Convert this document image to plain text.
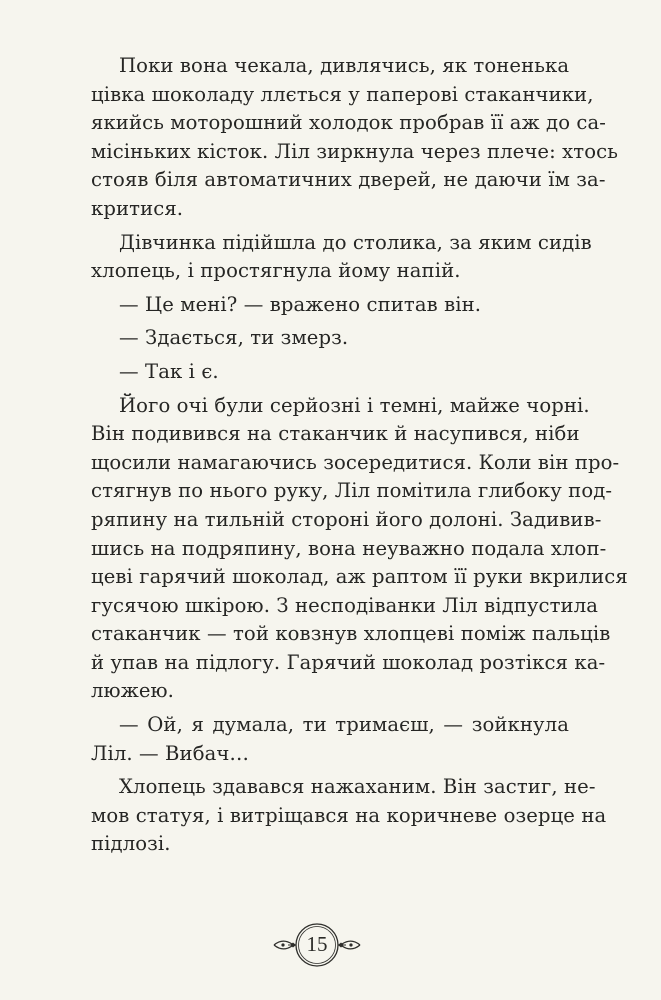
Поки вона чекала, дивлячись, як тоненька
цівка шоколаду ллється у паперові стаканчики,
якийсь моторошний холодок пробрав її аж до са-
місіньких кісток. Ліл зиркнула через плече: хтось
стояв біля автоматичних дверей, не даючи їм за-
критися.
Дівчинка підійшла до столика, за яким сидів
хлопець, і простягнула йому напій.
— Це мені? — вражено спитав він.
— Здається, ти змерз.
— Так і є.
Його очі були серйозні і темні, майже чорні.
Він подивився на стаканчик й насупився, ніби
щосили намагаючись зосередитися. Коли він про-
стягнув по нього руку, Ліл помітила глибоку под-
ряпину на тильній стороні його долоні. Задивив-
шись на подряпину, вона неуважно подала хлоп-
цеві гарячий шоколад, аж раптом її руки вкрилися
гусячою шкірою. З несподіванки Ліл відпустила
стаканчик — той ковзнув хлопцеві поміж пальців
й упав на підлогу. Гарячий шоколад розтікся ка-
люжею.
— Ой, я думала, ти тримаєш, — зойкнула
Ліл. — Вибач…
Хлопець здавався нажаханим. Він застиг, не-
мов статуя, і витріщався на коричневе озерце на
підлозі.
15
